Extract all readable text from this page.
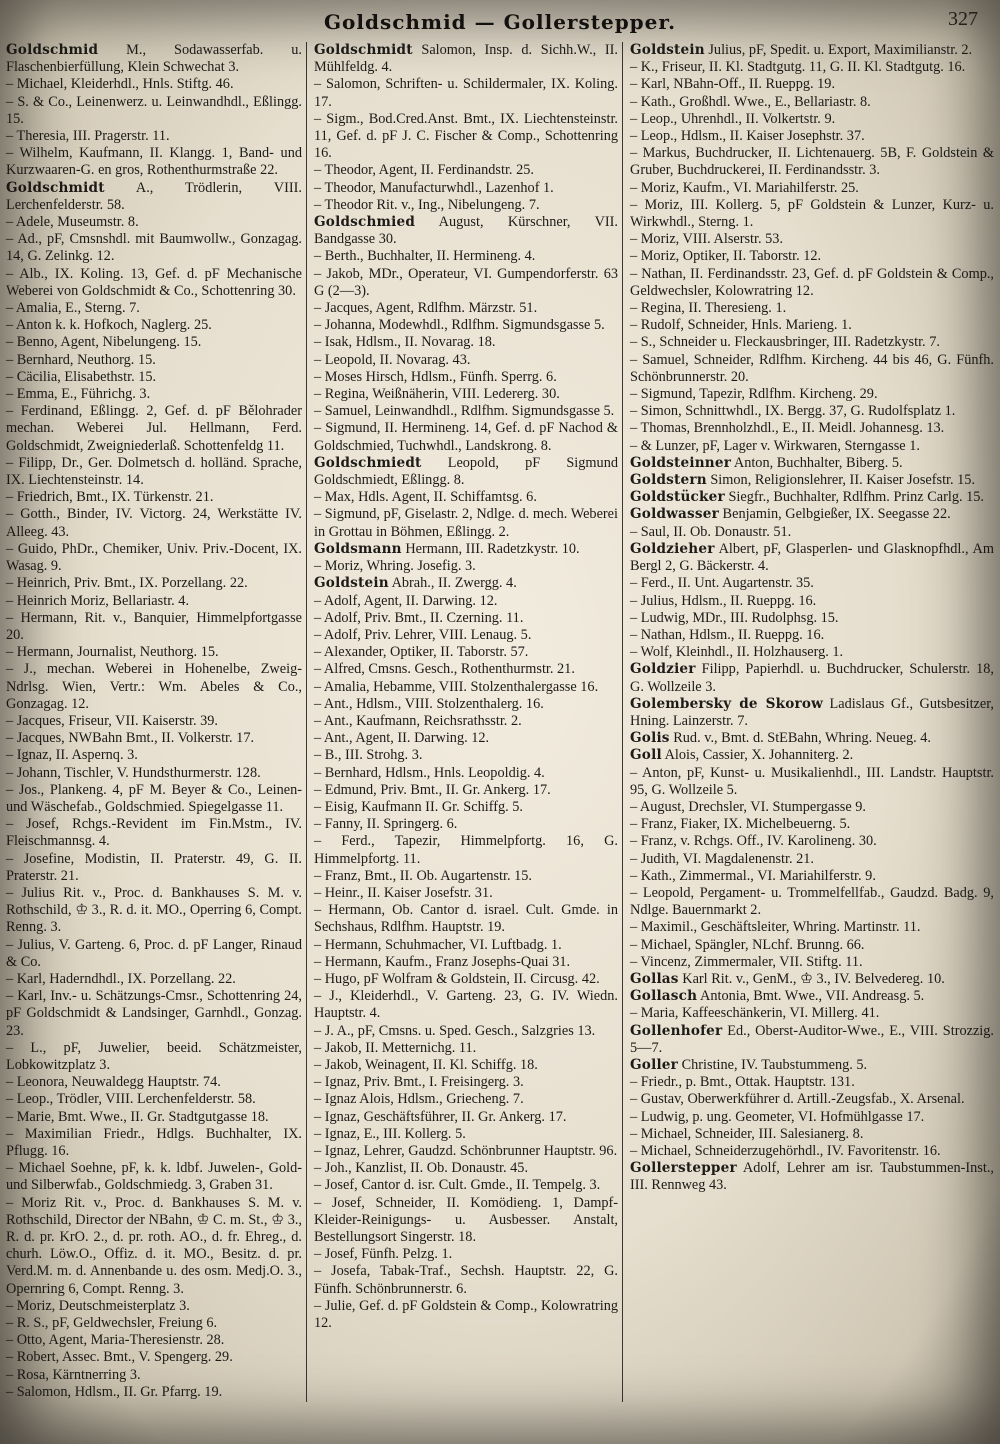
Goldschmid — Gollerstepper.	327

Goldschmid M., Sodawasserfab. u. Flaschenbierfüllung, Klein Schwechat 3.

– Michael, Kleiderhdl., Hnls. Stiftg. 46.

– S. & Co., Leinenwerz. u. Leinwandhdl., Eßlingg. 15.

– Theresia, III. Pragerstr. 11.

– Wilhelm, Kaufmann, II. Klangg. 1, Band- und Kurzwaaren-G. en gros, Rothenthurmstraße 22.

Goldschmidt A., Trödlerin, VIII. Lerchenfelderstr. 58.

– Adele, Museumstr. 8.

– Ad., pF, Cmsnshdl. mit Baumwollw., Gonzagag. 14, G. Zelinkg. 12.

– Alb., IX. Koling. 13, Gef. d. pF Mechanische Weberei von Goldschmidt & Co., Schottenring 30.

– Amalia, E., Sterng. 7.

– Anton k. k. Hofkoch, Naglerg. 25.

– Benno, Agent, Nibelungeng. 15.

– Bernhard, Neuthorg. 15.

– Cäcilia, Elisabethstr. 15.

– Emma, E., Führichg. 3.

– Ferdinand, Eßlingg. 2, Gef. d. pF Bělohrader mechan. Weberei Jul. Hellmann, Ferd. Goldschmidt, Zweigniederlaß. Schottenfeldg 11.

– Filipp, Dr., Ger. Dolmetsch d. holländ. Sprache, IX. Liechtensteinstr. 14.

– Friedrich, Bmt., IX. Türkenstr. 21.

– Gotth., Binder, IV. Victorg. 24, Werkstätte IV. Alleeg. 43.

– Guido, PhDr., Chemiker, Univ. Priv.-Docent, IX. Wasag. 9.

– Heinrich, Priv. Bmt., IX. Porzellang. 22.

– Heinrich Moriz, Bellariastr. 4.

– Hermann, Rit. v., Banquier, Himmelpfortgasse 20.

– Hermann, Journalist, Neuthorg. 15.

– J., mechan. Weberei in Hohenelbe, Zweig-Ndrlsg. Wien, Vertr.: Wm. Abeles & Co., Gonzagag. 12.

– Jacques, Friseur, VII. Kaiserstr. 39.

– Jacques, NWBahn Bmt., II. Volkerstr. 17.

– Ignaz, II. Aspernq. 3.

– Johann, Tischler, V. Hundsthurmerstr. 128.

– Jos., Plankeng. 4, pF M. Beyer & Co., Leinen- und Wäschefab., Goldschmied. Spiegelgasse 11.

– Josef, Rchgs.-Revident im Fin.Mstm., IV. Fleischmannsg. 4.

– Josefine, Modistin, II. Praterstr. 49, G. II. Praterstr. 21.

– Julius Rit. v., Proc. d. Bankhauses S. M. v. Rothschild, ♔ 3., R. d. it. MO., Operring 6, Compt. Renng. 3.

– Julius, V. Garteng. 6, Proc. d. pF Langer, Rinaud & Co.

– Karl, Haderndhdl., IX. Porzellang. 22.

– Karl, Inv.- u. Schätzungs-Cmsr., Schottenring 24, pF Goldschmidt & Landsinger, Garnhdl., Gonzag. 23.

– L., pF, Juwelier, beeid. Schätzmeister, Lobkowitzplatz 3.

– Leonora, Neuwaldegg Hauptstr. 74.

– Leop., Trödler, VIII. Lerchenfelderstr. 58.

– Marie, Bmt. Wwe., II. Gr. Stadtgutgasse 18.

– Maximilian Friedr., Hdlgs. Buchhalter, IX. Pflugg. 16.

– Michael Soehne, pF, k. k. ldbf. Juwelen-, Gold- und Silberwfab., Goldschmiedg. 3, Graben 31.

– Moriz Rit. v., Proc. d. Bankhauses S. M. v. Rothschild, Director der NBahn, ♔ C. m. St., ♔ 3., R. d. pr. KrO. 2., d. pr. roth. AO., d. fr. Ehreg., d. churh. Löw.O., Offiz. d. it. MO., Besitz. d. pr. Verd.M. m. d. Annenbande u. des osm. Medj.O. 3., Opernring 6, Compt. Renng. 3.

– Moriz, Deutschmeisterplatz 3.

– R. S., pF, Geldwechsler, Freiung 6.

– Otto, Agent, Maria-Theresienstr. 28.

– Robert, Assec. Bmt., V. Spengerg. 29.

– Rosa, Kärntnerring 3.

– Salomon, Hdlsm., II. Gr. Pfarrg. 19.

Goldschmidt Salomon, Insp. d. Sichh.W., II. Mühlfeldg. 4.

– Salomon, Schriften- u. Schildermaler, IX. Koling. 17.

– Sigm., Bod.Cred.Anst. Bmt., IX. Liechtensteinstr. 11, Gef. d. pF J. C. Fischer & Comp., Schottenring 16.

– Theodor, Agent, II. Ferdinandstr. 25.

– Theodor, Manufacturwhdl., Lazenhof 1.

– Theodor Rit. v., Ing., Nibelungeng. 7.

Goldschmied August, Kürschner, VII. Bandgasse 30.

– Berth., Buchhalter, II. Hermineng. 4.

– Jakob, MDr., Operateur, VI. Gumpendorferstr. 63 G (2—3).

– Jacques, Agent, Rdlfhm. Märzstr. 51.

– Johanna, Modewhdl., Rdlfhm. Sigmundsgasse 5.

– Isak, Hdlsm., II. Novarag. 18.

– Leopold, II. Novarag. 43.

– Moses Hirsch, Hdlsm., Fünfh. Sperrg. 6.

– Regina, Weißnäherin, VIII. Ledererg. 30.

– Samuel, Leinwandhdl., Rdlfhm. Sigmundsgasse 5.

– Sigmund, II. Hermineng. 14, Gef. d. pF Nachod & Goldschmied, Tuchwhdl., Landskrong. 8.

Goldschmiedt Leopold, pF Sigmund Goldschmiedt, Eßlingg. 8.

– Max, Hdls. Agent, II. Schiffamtsg. 6.

– Sigmund, pF, Giselastr. 2, Ndlge. d. mech. Weberei in Grottau in Böhmen, Eßlingg. 2.

Goldsmann Hermann, III. Radetzkystr. 10.

– Moriz, Whring. Josefig. 3.

Goldstein Abrah., II. Zwergg. 4.

– Adolf, Agent, II. Darwing. 12.

– Adolf, Priv. Bmt., II. Czerning. 11.

– Adolf, Priv. Lehrer, VIII. Lenaug. 5.

– Alexander, Optiker, II. Taborstr. 57.

– Alfred, Cmsns. Gesch., Rothenthurmstr. 21.

– Amalia, Hebamme, VIII. Stolzenthalergasse 16.

– Ant., Hdlsm., VIII. Stolzenthalerg. 16.

– Ant., Kaufmann, Reichsrathsstr. 2.

– Ant., Agent, II. Darwing. 12.

– B., III. Strohg. 3.

– Bernhard, Hdlsm., Hnls. Leopoldig. 4.

– Edmund, Priv. Bmt., II. Gr. Ankerg. 17.

– Eisig, Kaufmann II. Gr. Schiffg. 5.

– Fanny, II. Springerg. 6.

– Ferd., Tapezir, Himmelpfortg. 16, G. Himmelpfortg. 11.

– Franz, Bmt., II. Ob. Augartenstr. 15.

– Heinr., II. Kaiser Josefstr. 31.

– Hermann, Ob. Cantor d. israel. Cult. Gmde. in Sechshaus, Rdlfhm. Hauptstr. 19.

– Hermann, Schuhmacher, VI. Luftbadg. 1.

– Hermann, Kaufm., Franz Josephs-Quai 31.

– Hugo, pF Wolfram & Goldstein, II. Circusg. 42.

– J., Kleiderhdl., V. Garteng. 23, G. IV. Wiedn. Hauptstr. 4.

– J. A., pF, Cmsns. u. Sped. Gesch., Salzgries 13.

– Jakob, II. Metternichg. 11.

– Jakob, Weinagent, II. Kl. Schiffg. 18.

– Ignaz, Priv. Bmt., I. Freisingerg. 3.

– Ignaz Alois, Hdlsm., Griecheng. 7.

– Ignaz, Geschäftsführer, II. Gr. Ankerg. 17.

– Ignaz, E., III. Kollerg. 5.

– Ignaz, Lehrer, Gaudzd. Schönbrunner Hauptstr. 96.

– Joh., Kanzlist, II. Ob. Donaustr. 45.

– Josef, Cantor d. isr. Cult. Gmde., II. Tempelg. 3.

– Josef, Schneider, II. Komödieng. 1, Dampf-Kleider-Reinigungs- u. Ausbesser. Anstalt, Bestellungsort Singerstr. 18.

– Josef, Fünfh. Pelzg. 1.

– Josefa, Tabak-Traf., Sechsh. Hauptstr. 22, G. Fünfh. Schönbrunnerstr. 6.

– Julie, Gef. d. pF Goldstein & Comp., Kolowratring 12.

Goldstein Julius, pF, Spedit. u. Export, Maximilianstr. 2.

– K., Friseur, II. Kl. Stadtgutg. 11, G. II. Kl. Stadtgutg. 16.

– Karl, NBahn-Off., II. Rueppg. 19.

– Kath., Großhdl. Wwe., E., Bellariastr. 8.

– Leop., Uhrenhdl., II. Volkertstr. 9.

– Leop., Hdlsm., II. Kaiser Josephstr. 37.

– Markus, Buchdrucker, II. Lichtenauerg. 5B, F. Goldstein & Gruber, Buchdruckerei, II. Ferdinandsstr. 3.

– Moriz, Kaufm., VI. Mariahilferstr. 25.

– Moriz, III. Kollerg. 5, pF Goldstein & Lunzer, Kurz- u. Wirkwhdl., Sterng. 1.

– Moriz, VIII. Alserstr. 53.

– Moriz, Optiker, II. Taborstr. 12.

– Nathan, II. Ferdinandsstr. 23, Gef. d. pF Goldstein & Comp., Geldwechsler, Kolowratring 12.

– Regina, II. Theresieng. 1.

– Rudolf, Schneider, Hnls. Marieng. 1.

– S., Schneider u. Fleckausbringer, III. Radetzkystr. 7.

– Samuel, Schneider, Rdlfhm. Kircheng. 44 bis 46, G. Fünfh. Schönbrunnerstr. 20.

– Sigmund, Tapezir, Rdlfhm. Kircheng. 29.

– Simon, Schnittwhdl., IX. Bergg. 37, G. Rudolfsplatz 1.

– Thomas, Brennholzhdl., E., II. Meidl. Johannesg. 13.

– & Lunzer, pF, Lager v. Wirkwaren, Sterngasse 1.

Goldsteinner Anton, Buchhalter, Biberg. 5.

Goldstern Simon, Religionslehrer, II. Kaiser Josefstr. 15.

Goldstücker Siegfr., Buchhalter, Rdlfhm. Prinz Carlg. 15.

Goldwasser Benjamin, Gelbgießer, IX. Seegasse 22.

– Saul, II. Ob. Donaustr. 51.

Goldzieher Albert, pF, Glasperlen- und Glasknopfhdl., Am Bergl 2, G. Bäckerstr. 4.

– Ferd., II. Unt. Augartenstr. 35.

– Julius, Hdlsm., II. Rueppg. 16.

– Ludwig, MDr., III. Rudolphsg. 15.

– Nathan, Hdlsm., II. Rueppg. 16.

– Wolf, Kleinhdl., II. Holzhauserg. 1.

Goldzier Filipp, Papierhdl. u. Buchdrucker, Schulerstr. 18, G. Wollzeile 3.

Golembersky de Skorow Ladislaus Gf., Gutsbesitzer, Hning. Lainzerstr. 7.

Golis Rud. v., Bmt. d. StEBahn, Whring. Neueg. 4.

Goll Alois, Cassier, X. Johanniterg. 2.

– Anton, pF, Kunst- u. Musikalienhdl., III. Landstr. Hauptstr. 95, G. Wollzeile 5.

– August, Drechsler, VI. Stumpergasse 9.

– Franz, Fiaker, IX. Michelbeuerng. 5.

– Franz, v. Rchgs. Off., IV. Karolineng. 30.

– Judith, VI. Magdalenenstr. 21.

– Kath., Zimmermal., VI. Mariahilferstr. 9.

– Leopold, Pergament- u. Trommelfellfab., Gaudzd. Badg. 9, Ndlge. Bauernmarkt 2.

– Maximil., Geschäftsleiter, Whring. Martinstr. 11.

– Michael, Spängler, NLchf. Brunng. 66.

– Vincenz, Zimmermaler, VII. Stiftg. 11.

Gollas Karl Rit. v., GenM., ♔ 3., IV. Belvedereg. 10.

Gollasch Antonia, Bmt. Wwe., VII. Andreasg. 5.

– Maria, Kaffeeschänkerin, VI. Millerg. 41.

Gollenhofer Ed., Oberst-Auditor-Wwe., E., VIII. Strozzig. 5—7.

Goller Christine, IV. Taubstummeng. 5.

– Friedr., p. Bmt., Ottak. Hauptstr. 131.

– Gustav, Oberwerkführer d. Artill.-Zeugsfab., X. Arsenal.

– Ludwig, p. ung. Geometer, VI. Hofmühlgasse 17.

– Michael, Schneider, III. Salesianerg. 8.

– Michael, Schneiderzugehörhdl., IV. Favoritenstr. 16.

Gollerstepper Adolf, Lehrer am isr. Taubstummen-Inst., III. Rennweg 43.
